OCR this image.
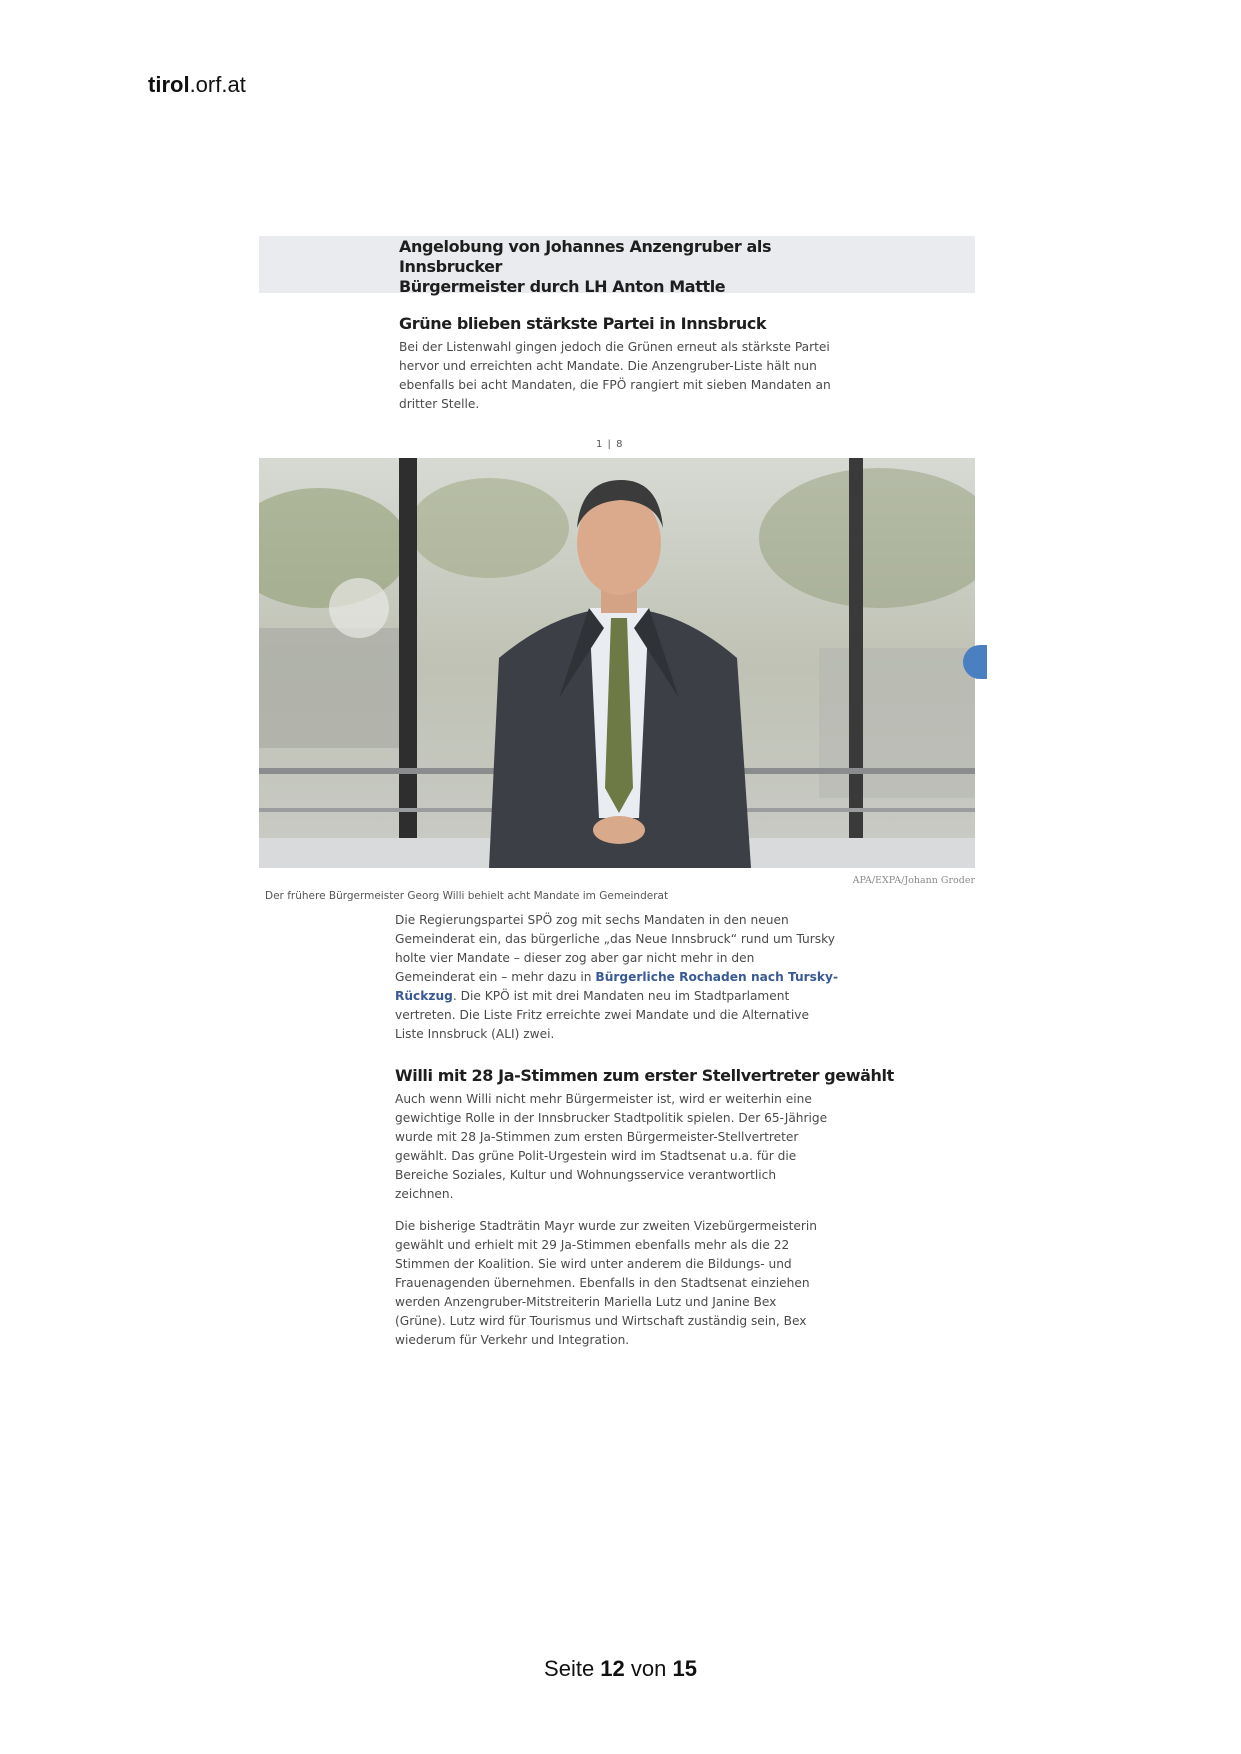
tirol.orf.at
Angelobung von Johannes Anzengruber als Innsbrucker
Bürgermeister durch LH Anton Mattle
Grüne blieben stärkste Partei in Innsbruck
Bei der Listenwahl gingen jedoch die Grünen erneut als stärkste Partei
hervor und erreichten acht Mandate. Die Anzengruber-Liste hält nun
ebenfalls bei acht Mandaten, die FPÖ rangiert mit sieben Mandaten an
dritter Stelle.
1 | 8
APA/EXPA/Johann Groder
Der frühere Bürgermeister Georg Willi behielt acht Mandate im Gemeinderat
Die Regierungspartei SPÖ zog mit sechs Mandaten in den neuen
Gemeinderat ein, das bürgerliche „das Neue Innsbruck“ rund um Tursky
holte vier Mandate – dieser zog aber gar nicht mehr in den
Gemeinderat ein – mehr dazu in Bürgerliche Rochaden nach Tursky-
Rückzug. Die KPÖ ist mit drei Mandaten neu im Stadtparlament
vertreten. Die Liste Fritz erreichte zwei Mandate und die Alternative
Liste Innsbruck (ALI) zwei.
Willi mit 28 Ja-Stimmen zum erster Stellvertreter gewählt
Auch wenn Willi nicht mehr Bürgermeister ist, wird er weiterhin eine
gewichtige Rolle in der Innsbrucker Stadtpolitik spielen. Der 65-Jährige
wurde mit 28 Ja-Stimmen zum ersten Bürgermeister-Stellvertreter
gewählt. Das grüne Polit-Urgestein wird im Stadtsenat u.a. für die
Bereiche Soziales, Kultur und Wohnungsservice verantwortlich
zeichnen.
Die bisherige Stadträtin Mayr wurde zur zweiten Vizebürgermeisterin
gewählt und erhielt mit 29 Ja-Stimmen ebenfalls mehr als die 22
Stimmen der Koalition. Sie wird unter anderem die Bildungs- und
Frauenagenden übernehmen. Ebenfalls in den Stadtsenat einziehen
werden Anzengruber-Mitstreiterin Mariella Lutz und Janine Bex
(Grüne). Lutz wird für Tourismus und Wirtschaft zuständig sein, Bex
wiederum für Verkehr und Integration.
Seite 12 von 15
